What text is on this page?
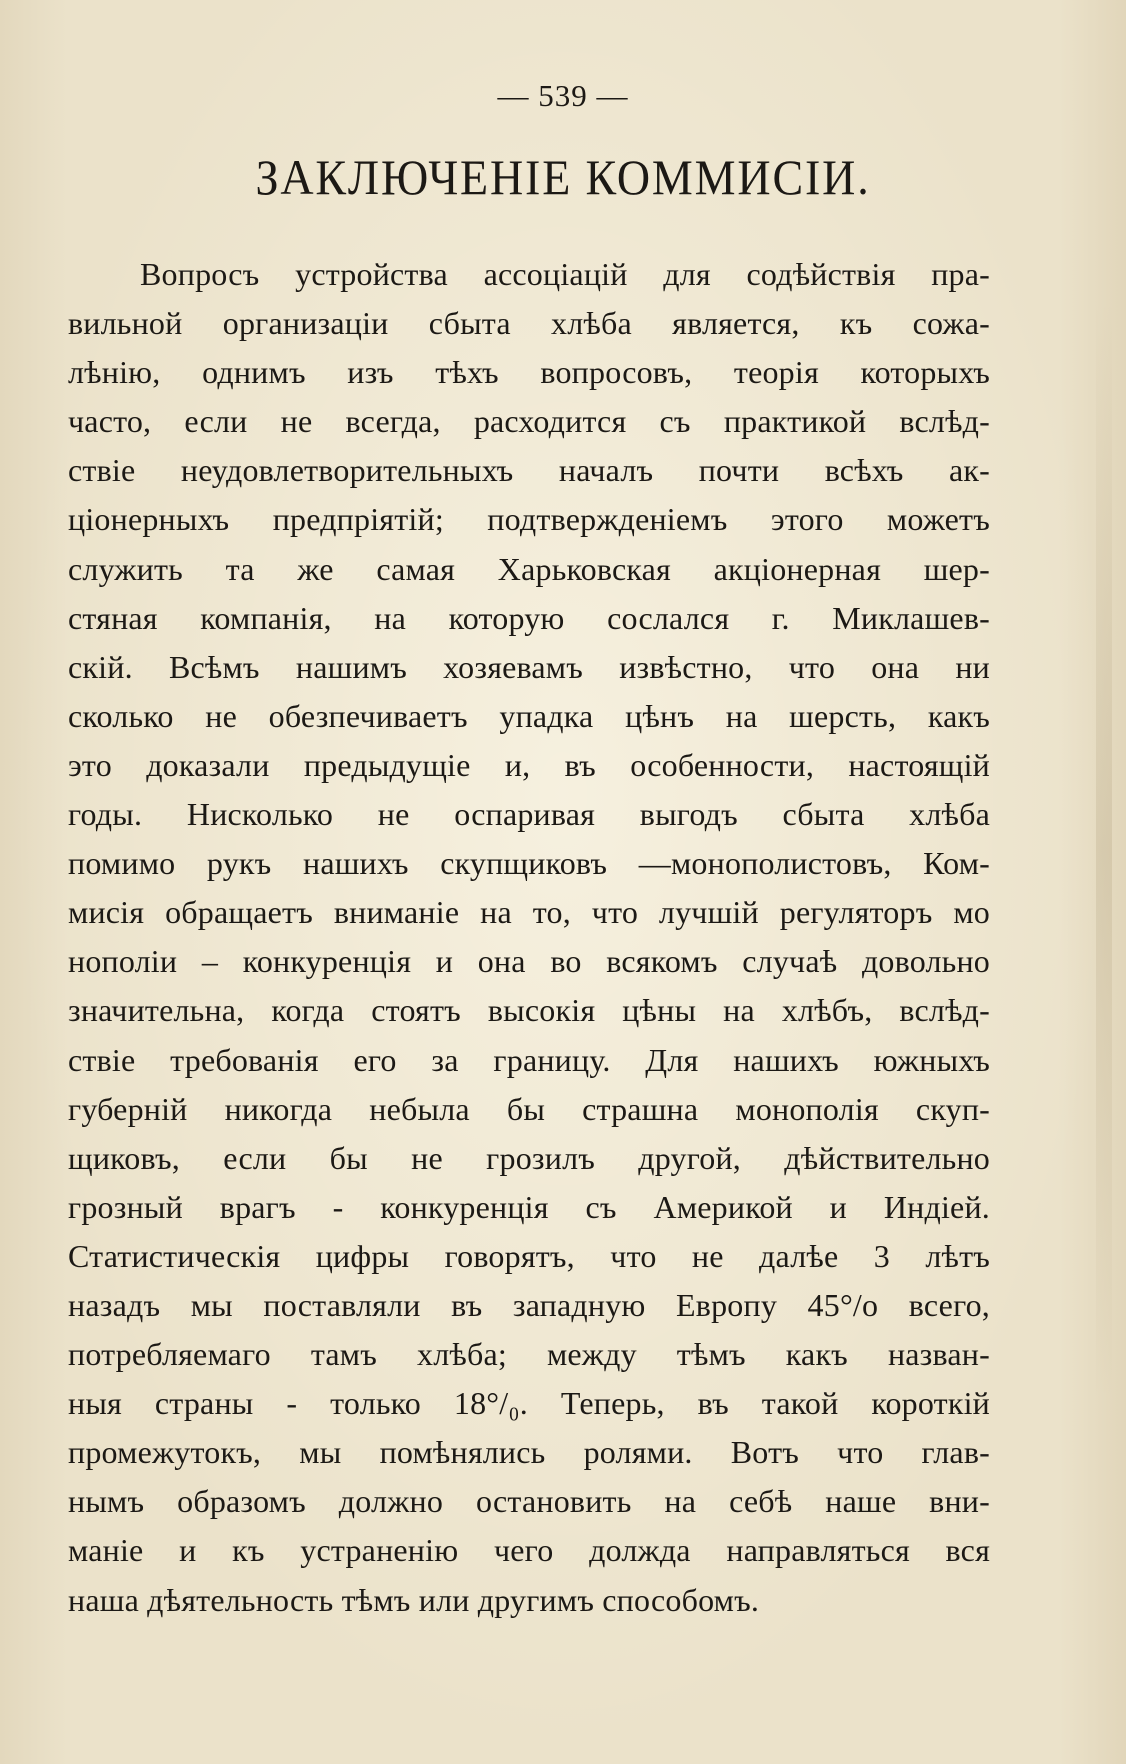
— 539 —

ЗАКЛЮЧЕНІЕ КОММИСІИ.
Вопросъ устройства ассоціацій для содѣйствія пра-
вильной организаціи сбыта хлѣба является, къ сожа-
лѣнію, однимъ изъ тѣхъ вопросовъ, теорія которыхъ
часто, если не всегда, расходится съ практикой вслѣд-
ствіе неудовлетворительныхъ началъ почти всѣхъ ак-
ціонерныхъ предпріятій; подтвержденіемъ этого можетъ
служить та же самая Харьковская акціонерная шер-
стяная компанія, на которую сослался г. Миклашев-
скій. Всѣмъ нашимъ хозяевамъ извѣстно, что она ни
сколько не обезпечиваетъ упадка цѣнъ на шерсть, какъ
это доказали предыдущіе и, въ особенности, настоящій
годы. Нисколько не оспаривая выгодъ сбыта хлѣба
помимо рукъ нашихъ скупщиковъ —монополистовъ, Ком-
мисія обращаетъ вниманіе на то, что лучшій регуляторъ мо
нополіи – конкуренція и она во всякомъ случаѣ довольно
значительна, когда стоятъ высокія цѣны на хлѣбъ, вслѣд-
ствіе требованія его за границу. Для нашихъ южныхъ
губерній никогда небыла бы страшна монополія скуп-
щиковъ, если бы не грозилъ другой, дѣйствительно
грозный врагъ - конкуренція съ Америкой и Индіей.
Статистическія цифры говорятъ, что не далѣе 3 лѣтъ
назадъ мы поставляли въ западную Европу 45°/о всего,
потребляемаго тамъ хлѣба; между тѣмъ какъ назван-
ныя страны - только 18°/₀. Теперь, въ такой короткій
промежутокъ, мы помѣнялись ролями. Вотъ что глав-
нымъ образомъ должно остановить на себѣ наше вни-
маніе и къ устраненію чего должда направляться вся
наша дѣятельность тѣмъ или другимъ способомъ.
